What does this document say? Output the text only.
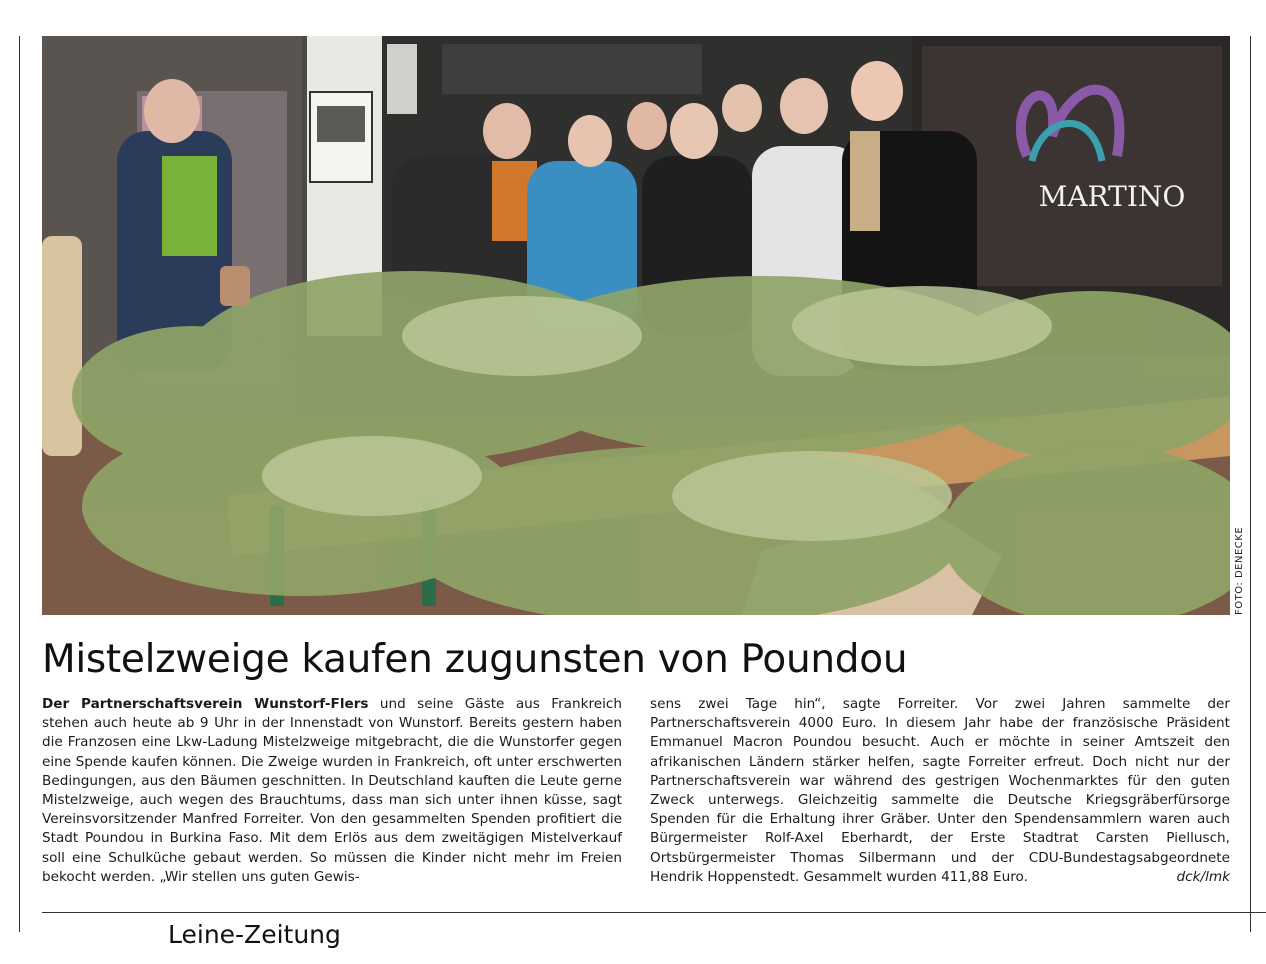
MARTINO
FOTO: DENECKE
Mistelzweige kaufen zugunsten von Poundou

Der Partnerschaftsverein Wunstorf-Flers und seine Gäste aus Frankreich stehen auch heute ab 9 Uhr in der Innenstadt von Wunstorf. Bereits gestern haben die Franzosen eine Lkw-Ladung Mistelzweige mitgebracht, die die Wunstorfer gegen eine Spende kaufen können. Die Zweige wurden in Frankreich, oft unter erschwerten Bedingungen, aus den Bäumen geschnitten. In Deutschland kauften die Leute gerne Mistelzweige, auch wegen des Brauchtums, dass man sich unter ihnen küsse, sagt Vereinsvorsitzender Manfred Forreiter. Von den gesammelten Spenden profitiert die Stadt Poundou in Burkina Faso. Mit dem Erlös aus dem zweitägigen Mistelverkauf soll eine Schulküche gebaut werden. So müssen die Kinder nicht mehr im Freien bekocht werden. „Wir stellen uns guten Gewis-

sens zwei Tage hin“, sagte Forreiter. Vor zwei Jahren sammelte der Partnerschaftsverein 4000 Euro. In diesem Jahr habe der französische Präsident Emmanuel Macron Poundou besucht. Auch er möchte in seiner Amtszeit den afrikanischen Ländern stärker helfen, sagte Forreiter erfreut. Doch nicht nur der Partnerschaftsverein war während des gestrigen Wochenmarktes für den guten Zweck unterwegs. Gleichzeitig sammelte die Deutsche Kriegsgräberfürsorge Spenden für die Erhaltung ihrer Gräber. Unter den Spendensammlern waren auch Bürgermeister Rolf-Axel Eberhardt, der Erste Stadtrat Carsten Piellusch, Ortsbürgermeister Thomas Silbermann und der CDU-Bundestagsabgeordnete Hendrik Hoppenstedt. Gesammelt wurden 411,88 Euro.	dck/lmk

Leine-Zeitung
